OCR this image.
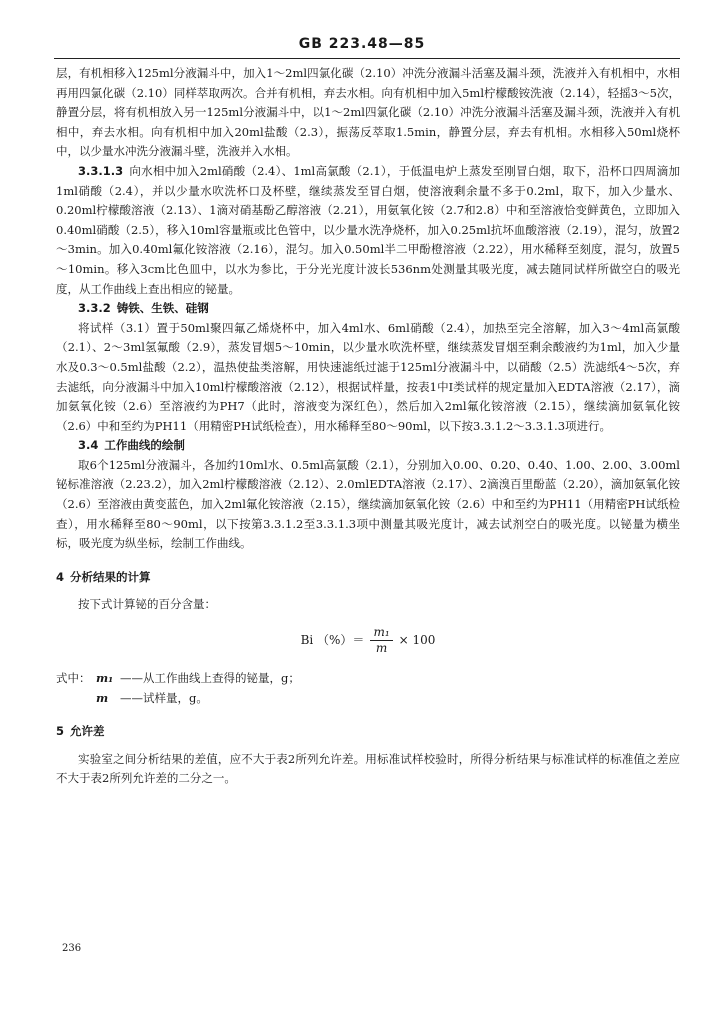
GB 223.48—85

层，有机相移入125ml分液漏斗中，加入1～2ml四氯化碳（2.10）冲洗分液漏斗活塞及漏斗颈，洗液并入有机相中，水相再用四氯化碳（2.10）同样萃取两次。合并有机相，弃去水相。向有机相中加入5ml柠檬酸铵洗液（2.14），轻摇3～5次，静置分层，将有机相放入另一125ml分液漏斗中，以1～2ml四氯化碳（2.10）冲洗分液漏斗活塞及漏斗颈，洗液并入有机相中，弃去水相。向有机相中加入20ml盐酸（2.3），振荡反萃取1.5min，静置分层，弃去有机相。水相移入50ml烧杯中，以少量水冲洗分液漏斗壁，洗液并入水相。

3.3.1.3 向水相中加入2ml硝酸（2.4）、1ml高氯酸（2.1），于低温电炉上蒸发至刚冒白烟，取下，沿杯口四周滴加1ml硝酸（2.4），并以少量水吹洗杯口及杯壁，继续蒸发至冒白烟，使溶液剩余量不多于0.2ml，取下，加入少量水、0.20ml柠檬酸溶液（2.13）、1滴对硝基酚乙醇溶液（2.21），用氨氧化铵（2.7和2.8）中和至溶液恰变鲜黄色，立即加入0.40ml硝酸（2.5），移入10ml容量瓶或比色管中，以少量水洗净烧杯，加入0.25ml抗坏血酸溶液（2.19），混匀，放置2～3min。加入0.40ml氟化铵溶液（2.16），混匀。加入0.50ml半二甲酚橙溶液（2.22），用水稀释至刻度，混匀，放置5～10min。移入3cm比色皿中，以水为参比，于分光光度计波长536nm处测量其吸光度，减去随同试样所做空白的吸光度，从工作曲线上查出相应的铋量。

3.3.2 铸铁、生铁、硅钢

将试样（3.1）置于50ml聚四氟乙烯烧杯中，加入4ml水、6ml硝酸（2.4），加热至完全溶解，加入3～4ml高氯酸（2.1）、2～3ml氢氟酸（2.9），蒸发冒烟5～10min，以少量水吹洗杯壁，继续蒸发冒烟至剩余酸液约为1ml，加入少量水及0.3～0.5ml盐酸（2.2），温热使盐类溶解，用快速滤纸过滤于125ml分液漏斗中，以硝酸（2.5）洗滤纸4～5次，弃去滤纸，向分液漏斗中加入10ml柠檬酸溶液（2.12），根据试样量，按表1中Ⅰ类试样的规定量加入EDTA溶液（2.17），滴加氨氧化铵（2.6）至溶液约为PH7（此时，溶液变为深红色），然后加入2ml氟化铵溶液（2.15），继续滴加氨氧化铵（2.6）中和至约为PH11（用精密PH试纸检查），用水稀释至80～90ml，以下按3.3.1.2～3.3.1.3项进行。

3.4 工作曲线的绘制

取6个125ml分液漏斗，各加约10ml水、0.5ml高氯酸（2.1），分别加入0.00、0.20、0.40、1.00、2.00、3.00ml铋标准溶液（2.23.2），加入2ml柠檬酸溶液（2.12）、2.0mlEDTA溶液（2.17）、2滴溴百里酚蓝（2.20），滴加氨氧化铵（2.6）至溶液由黄变蓝色，加入2ml氟化铵溶液（2.15），继续滴加氨氧化铵（2.6）中和至约为PH11（用精密PH试纸检查），用水稀释至80～90ml，以下按第3.3.1.2至3.3.1.3项中测量其吸光度计，减去试剂空白的吸光度。以铋量为横坐标，吸光度为纵坐标，绘制工作曲线。

4 分析结果的计算

按下式计算铋的百分含量：

Bi （%）＝ $\frac{\text{m₁}}{m} \times 100$
式中： m₁ ——从工作曲线上查得的铋量，g；
m	——试样量，g。

5 允许差

实验室之间分析结果的差值，应不大于表2所列允许差。用标准试样校验时，所得分析结果与标准试样的标准值之差应不大于表2所列允许差的二分之一。

236
